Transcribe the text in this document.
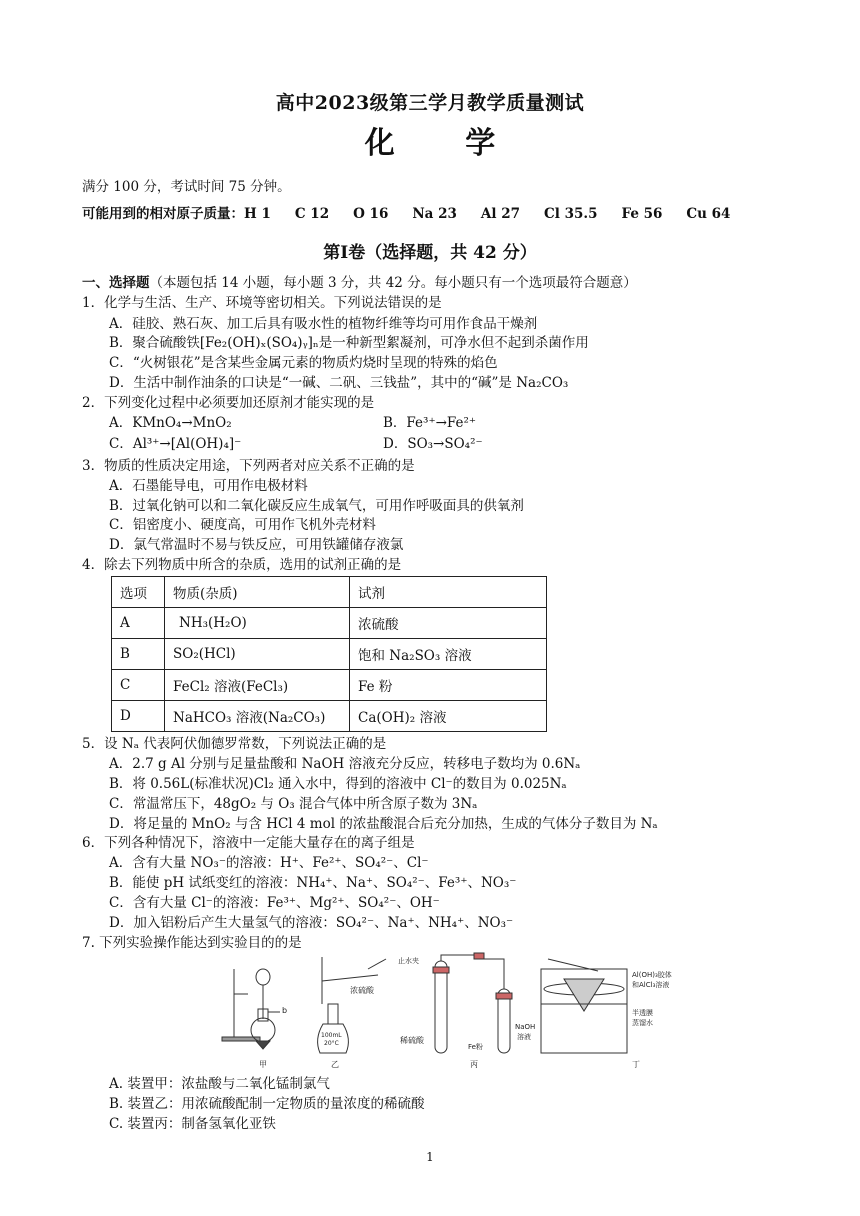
高中2023级第三学月教学质量测试
化 学
满分 100 分，考试时间 75 分钟。
可能用到的相对原子质量：H 1 C 12 O 16 Na 23 Al 27 Cl 35.5 Fe 56 Cu 64
第Ⅰ卷（选择题，共 42 分）
一、选择题（本题包括 14 小题，每小题 3 分，共 42 分。每小题只有一个选项最符合题意）
1．化学与生活、生产、环境等密切相关。下列说法错误的是
A．硅胶、熟石灰、加工后具有吸水性的植物纤维等均可用作食品干燥剂
B．聚合硫酸铁[Fe₂(OH)ₓ(SO₄)ᵧ]ₙ是一种新型絮凝剂，可净水但不起到杀菌作用
C．“火树银花”是含某些金属元素的物质灼烧时呈现的特殊的焰色
D．生活中制作油条的口诀是“一碱、二矾、三钱盐”，其中的“碱”是 Na₂CO₃
2．下列变化过程中必须要加还原剂才能实现的是
A．KMnO₄→MnO₂	B．Fe³⁺→Fe²⁺
C．Al³⁺→[Al(OH)₄]⁻	D．SO₃→SO₄²⁻
3．物质的性质决定用途，下列两者对应关系不正确的是
A．石墨能导电，可用作电极材料
B．过氧化钠可以和二氧化碳反应生成氧气，可用作呼吸面具的供氧剂
C．铝密度小、硬度高，可用作飞机外壳材料
D．氯气常温时不易与铁反应，可用铁罐储存液氯
4．除去下列物质中所含的杂质，选用的试剂正确的是
选项	物质(杂质)	试剂
A	NH₃(H₂O)	浓硫酸
B	SO₂(HCl)	饱和 Na₂SO₃ 溶液
C	FeCl₂ 溶液(FeCl₃)	Fe 粉
D	NaHCO₃ 溶液(Na₂CO₃)	Ca(OH)₂ 溶液
5．设 Nₐ 代表阿伏伽德罗常数，下列说法正确的是
A．2.7 g Al 分别与足量盐酸和 NaOH 溶液充分反应，转移电子数均为 0.6Nₐ
B．将 0.56L(标准状况)Cl₂ 通入水中，得到的溶液中 Cl⁻的数目为 0.025Nₐ
C．常温常压下，48gO₂ 与 O₃ 混合气体中所含原子数为 3Nₐ
D．将足量的 MnO₂ 与含 HCl 4 mol 的浓盐酸混合后充分加热，生成的气体分子数目为 Nₐ
6．下列各种情况下，溶液中一定能大量存在的离子组是
A．含有大量 NO₃⁻的溶液：H⁺、Fe²⁺、SO₄²⁻、Cl⁻
B．能使 pH 试纸变红的溶液：NH₄⁺、Na⁺、SO₄²⁻、Fe³⁺、NO₃⁻
C．含有大量 Cl⁻的溶液：Fe³⁺、Mg²⁺、SO₄²⁻、OH⁻
D．加入铝粉后产生大量氢气的溶液：SO₄²⁻、Na⁺、NH₄⁺、NO₃⁻
7. 下列实验操作能达到实验目的的是
甲	乙	丙	丁
b
浓硫酸
100mL
20°C
止水夹
稀硫酸
Fe粉
NaOH
溶液
Al(OH)₃胶体
和AlCl₃溶液
半透膜
蒸馏水
A. 装置甲：浓盐酸与二氧化锰制氯气
B. 装置乙：用浓硫酸配制一定物质的量浓度的稀硫酸
C. 装置丙：制备氢氧化亚铁
1
